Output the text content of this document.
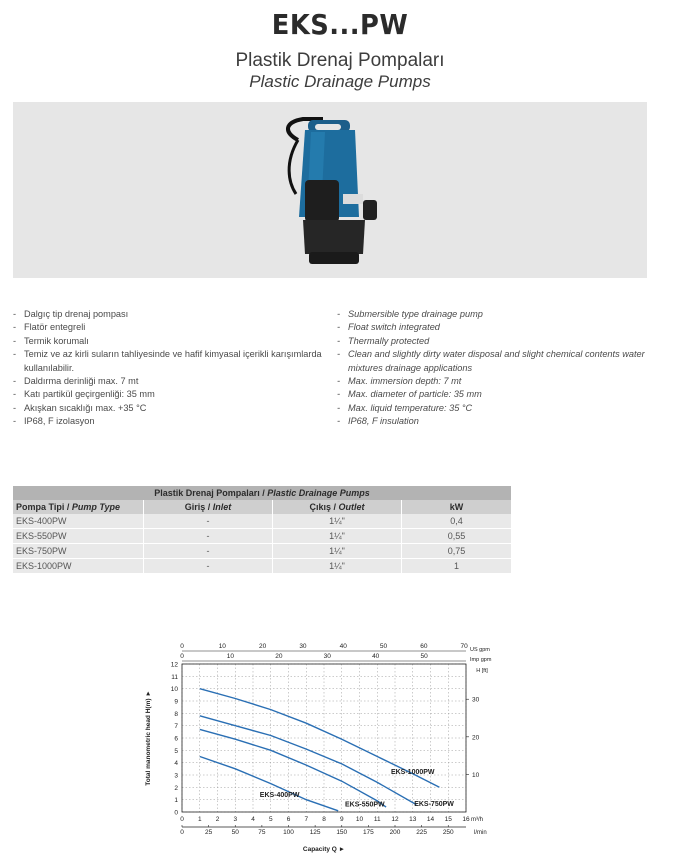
EKS...PW
Plastik Drenaj Pompaları
Plastic Drainage Pumps
- Dalgıç tip drenaj pompası
- Flatör entegreli
- Termik korumalı
- Temiz ve az kirli suların tahliyesinde ve hafif kimyasal içerikli karışımlarda kullanılabilir.
- Daldırma derinliği max. 7 mt
- Katı partikül geçirgenliği: 35 mm
- Akışkan sıcaklığı max. +35 °C
- IP68, F izolasyon
- Submersible type drainage pump
- Float switch integrated
- Thermally protected
- Clean and slightly dirty water disposal and slight chemical contents water mixtures drainage applications
- Max. immersion depth: 7 mt
- Max. diameter of particle: 35 mm
- Max. liquid temperature: 35 °C
- IP68, F insulation
Plastik Drenaj Pompaları / Plastic Drainage Pumps			
Pompa Tipi / Pump Type	Giriş / Inlet	Çıkış / Outlet	kW
EKS-400PW	-	1¼"	0,4
EKS-550PW	-	1¼"	0,55
EKS-750PW	-	1¼"	0,75
EKS-1000PW	-	1¼"	1
0 1 2 3 4 5 6 7 8 9 10 11 12 13 14 15 16 m³/h
0	25	50	75	100 125 150 175 200 225 250	l/min
Capacity Q ►
0
1
2
3
4
5
6
7
8
9
10
11
12
Total manometric head H(m) ►
0	10	20	30	40	50	60	70 US gpm
0	10	20	30	40	50	Imp gpm
H [ft]
10
20
30
EKS-400PW
EKS-550PW	EKS-750PW
EKS-1000PW
